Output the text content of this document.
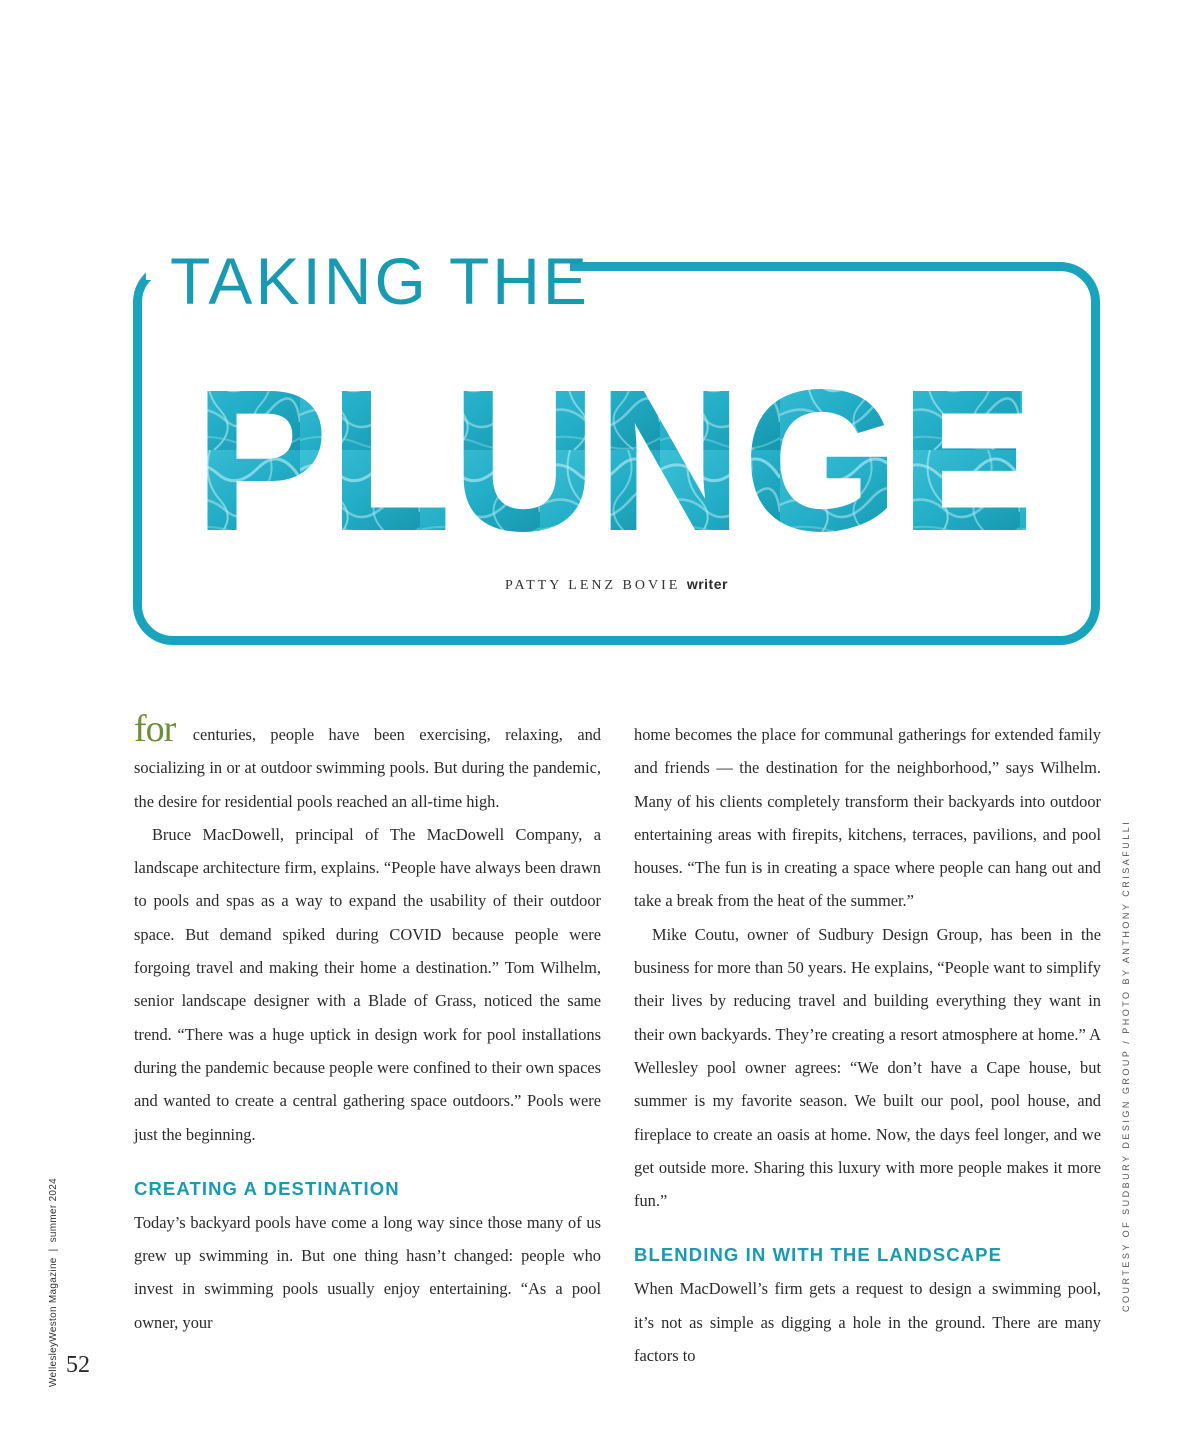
TAKING THE
PLUNGE
PATTY LENZ BOVIE writer

for centuries, people have been exercising, relaxing, and socializing in or at outdoor swimming pools. But during the pandemic, the desire for residential pools reached an all-time high.

Bruce MacDowell, principal of The MacDowell Company, a landscape architecture firm, explains. “People have always been drawn to pools and spas as a way to expand the usability of their outdoor space. But demand spiked during COVID because people were forgoing travel and making their home a destination.” Tom Wilhelm, senior landscape designer with a Blade of Grass, noticed the same trend. “There was a huge uptick in design work for pool installations during the pandemic because people were confined to their own spaces and wanted to create a central gathering space outdoors.” Pools were just the beginning.

CREATING A DESTINATION

Today’s backyard pools have come a long way since those many of us grew up swimming in. But one thing hasn’t changed: people who invest in swimming pools usually enjoy entertaining. “As a pool owner, your

home becomes the place for communal gatherings for extended family and friends — the destination for the neighborhood,” says Wilhelm. Many of his clients completely transform their backyards into outdoor entertaining areas with firepits, kitchens, terraces, pavilions, and pool houses. “The fun is in creating a space where people can hang out and take a break from the heat of the summer.”

Mike Coutu, owner of Sudbury Design Group, has been in the business for more than 50 years. He explains, “People want to simplify their lives by reducing travel and building everything they want in their own backyards. They’re creating a resort atmosphere at home.” A Wellesley pool owner agrees: “We don’t have a Cape house, but summer is my favorite season. We built our pool, pool house, and fireplace to create an oasis at home. Now, the days feel longer, and we get outside more. Sharing this luxury with more people makes it more fun.”

BLENDING IN WITH THE LANDSCAPE

When MacDowell’s firm gets a request to design a swimming pool, it’s not as simple as digging a hole in the ground. There are many factors to

COURTESY OF SUDBURY DESIGN GROUP / PHOTO BY ANTHONY CRISAFULLI
WellesleyWeston Magazine|summer 2024
52
